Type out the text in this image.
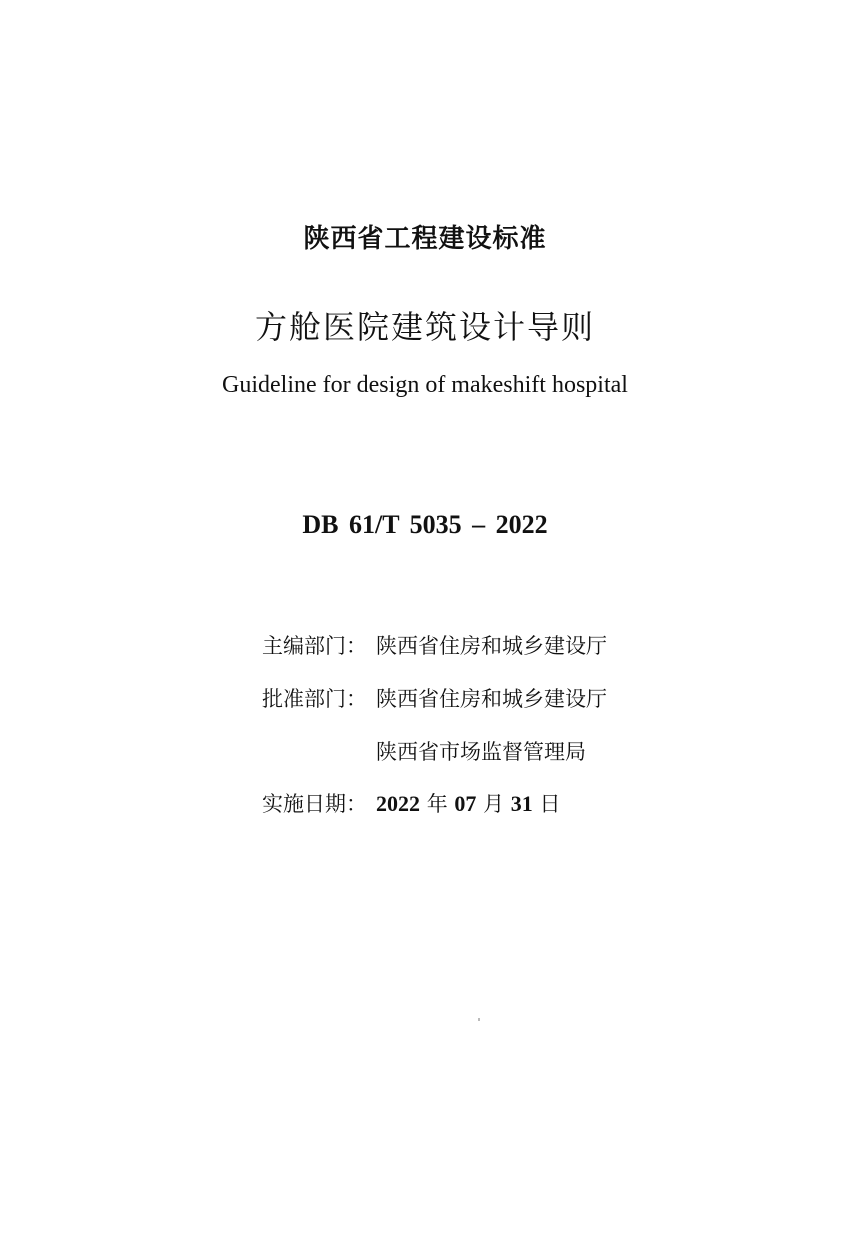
陕西省工程建设标准
方舱医院建筑设计导则
Guideline for design of makeshift hospital
DB 61/T 5035 – 2022
主编部门： 陕西省住房和城乡建设厅
批准部门： 陕西省住房和城乡建设厅
陕西省市场监督管理局
实施日期： 2022 年 07 月 31 日
